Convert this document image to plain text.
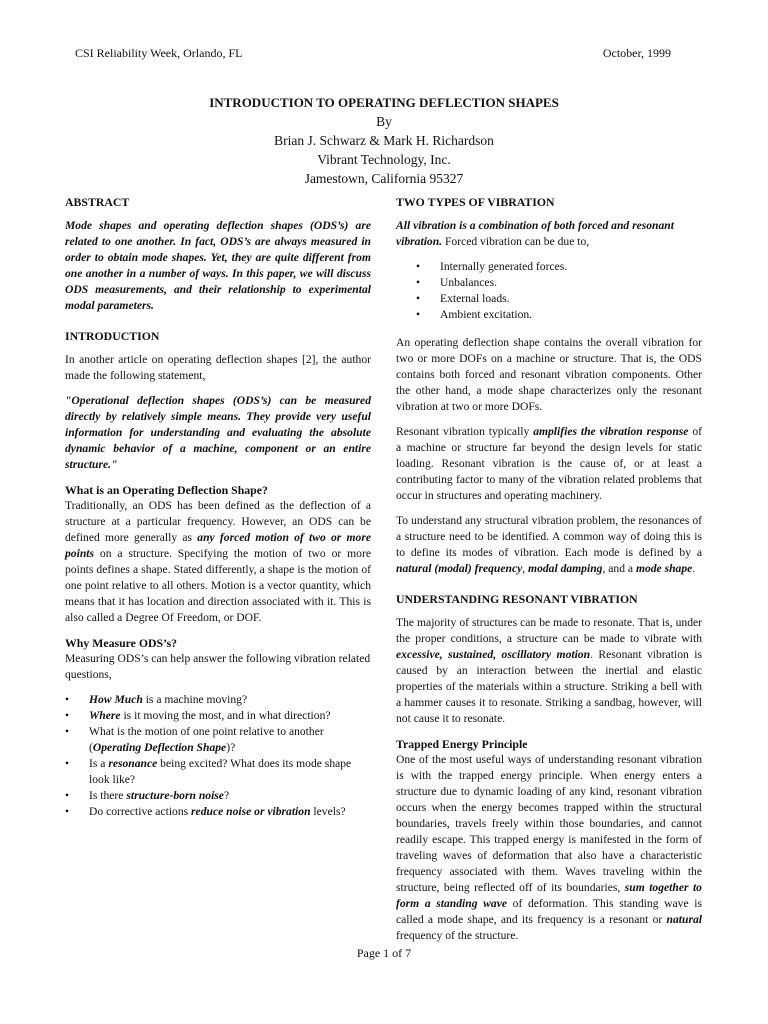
CSI Reliability Week, Orlando, FL	October, 1999
INTRODUCTION TO OPERATING DEFLECTION SHAPES
By
Brian J. Schwarz & Mark H. Richardson
Vibrant Technology, Inc.
Jamestown, California 95327
ABSTRACT

Mode shapes and operating deflection shapes (ODS’s) are related to one another. In fact, ODS’s are always measured in order to obtain mode shapes. Yet, they are quite different from one another in a number of ways. In this paper, we will discuss ODS measurements, and their relationship to experimental modal parameters.

INTRODUCTION

In another article on operating deflection shapes [2], the author made the following statement,

"Operational deflection shapes (ODS’s) can be measured directly by relatively simple means. They provide very useful information for understanding and evaluating the absolute dynamic behavior of a machine, component or an entire structure."

What is an Operating Deflection Shape?

Traditionally, an ODS has been defined as the deflection of a structure at a particular frequency. However, an ODS can be defined more generally as any forced motion of two or more points on a structure. Specifying the motion of two or more points defines a shape. Stated differently, a shape is the motion of one point relative to all others. Motion is a vector quantity, which means that it has location and direction associated with it. This is also called a Degree Of Freedom, or DOF.

Why Measure ODS’s?

Measuring ODS’s can help answer the following vibration related questions,

• How Much is a machine moving?
• Where is it moving the most, and in what direction?
• What is the motion of one point relative to another (Operating Deflection Shape)?
• Is a resonance being excited? What does its mode shape look like?
• Is there structure-born noise?
• Do corrective actions reduce noise or vibration levels?
TWO TYPES OF VIBRATION

All vibration is a combination of both forced and resonant vibration. Forced vibration can be due to,

• Internally generated forces.
• Unbalances.
• External loads.
• Ambient excitation.

An operating deflection shape contains the overall vibration for two or more DOFs on a machine or structure. That is, the ODS contains both forced and resonant vibration components. Other the other hand, a mode shape characterizes only the resonant vibration at two or more DOFs.

Resonant vibration typically amplifies the vibration response of a machine or structure far beyond the design levels for static loading. Resonant vibration is the cause of, or at least a contributing factor to many of the vibration related problems that occur in structures and operating machinery.

To understand any structural vibration problem, the resonances of a structure need to be identified. A common way of doing this is to define its modes of vibration. Each mode is defined by a natural (modal) frequency, modal damping, and a mode shape.

UNDERSTANDING RESONANT VIBRATION

The majority of structures can be made to resonate. That is, under the proper conditions, a structure can be made to vibrate with excessive, sustained, oscillatory motion. Resonant vibration is caused by an interaction between the inertial and elastic properties of the materials within a structure. Striking a bell with a hammer causes it to resonate. Striking a sandbag, however, will not cause it to resonate.

Trapped Energy Principle

One of the most useful ways of understanding resonant vibration is with the trapped energy principle. When energy enters a structure due to dynamic loading of any kind, resonant vibration occurs when the energy becomes trapped within the structural boundaries, travels freely within those boundaries, and cannot readily escape. This trapped energy is manifested in the form of traveling waves of deformation that also have a characteristic frequency associated with them. Waves traveling within the structure, being reflected off of its boundaries, sum together to form a standing wave of deformation. This standing wave is called a mode shape, and its frequency is a resonant or natural frequency of the structure.

Page 1 of 7
